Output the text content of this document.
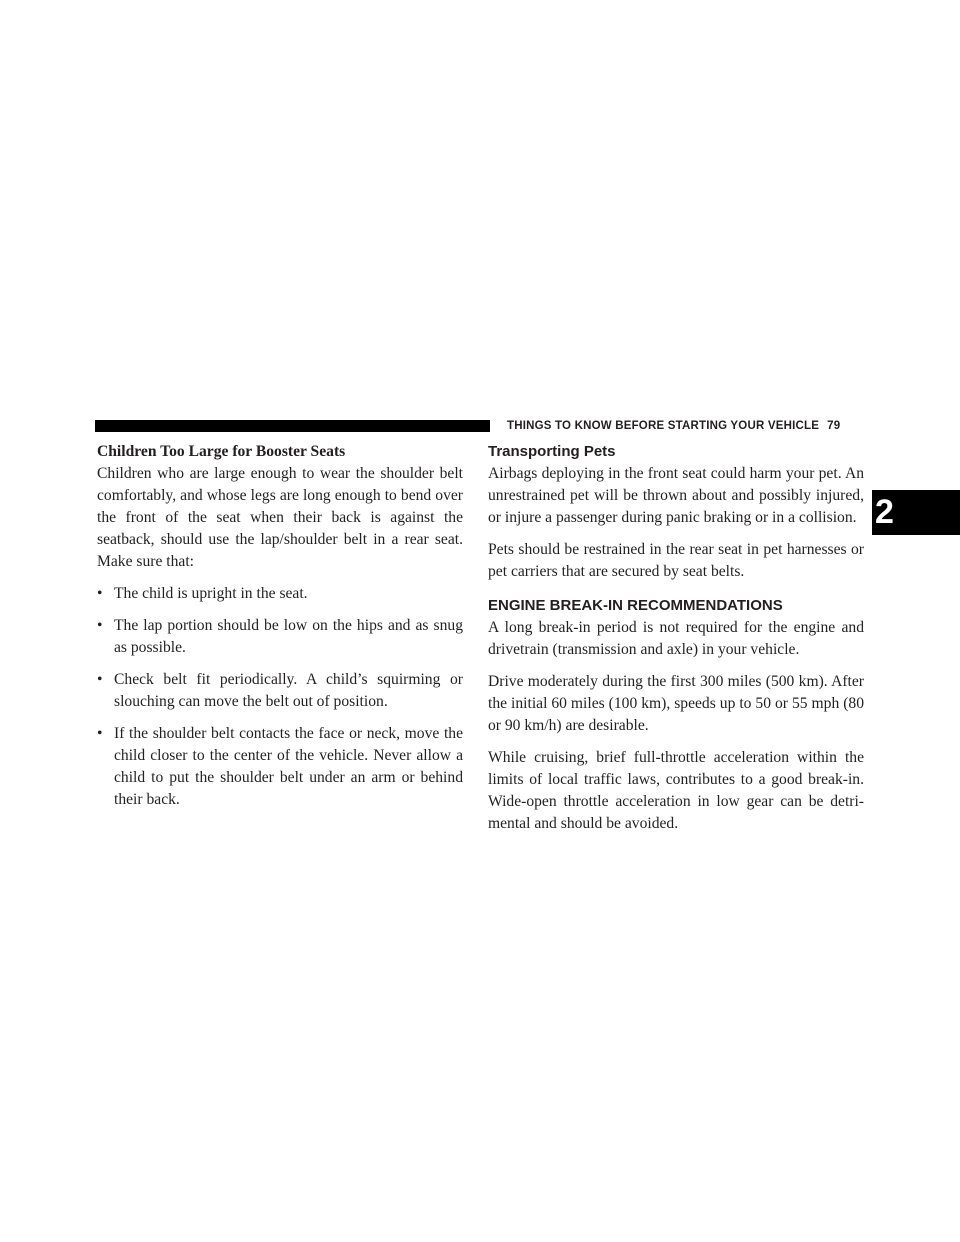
THINGS TO KNOW BEFORE STARTING YOUR VEHICLE 79
2

Children Too Large for Booster Seats

Children who are large enough to wear the shoulder belt comfortably, and whose legs are long enough to bend over the front of the seat when their back is against the seatback, should use the lap/shoulder belt in a rear seat. Make sure that:

• The child is upright in the seat.
• The lap portion should be low on the hips and as snug as possible.
• Check belt fit periodically. A child’s squirming or slouching can move the belt out of position.
• If the shoulder belt contacts the face or neck, move the child closer to the center of the vehicle. Never allow a child to put the shoulder belt under an arm or behind their back.

Transporting Pets

Airbags deploying in the front seat could harm your pet. An unrestrained pet will be thrown about and possibly injured, or injure a passenger during panic braking or in a collision.

Pets should be restrained in the rear seat in pet harnesses or pet carriers that are secured by seat belts.

ENGINE BREAK-IN RECOMMENDATIONS

A long break-in period is not required for the engine and drivetrain (transmission and axle) in your vehicle.

Drive moderately during the first 300 miles (500 km). After the initial 60 miles (100 km), speeds up to 50 or 55 mph (80 or 90 km/h) are desirable.

While cruising, brief full-throttle acceleration within the limits of local traffic laws, contributes to a good break-in. Wide-open throttle acceleration in low gear can be detri-mental and should be avoided.
